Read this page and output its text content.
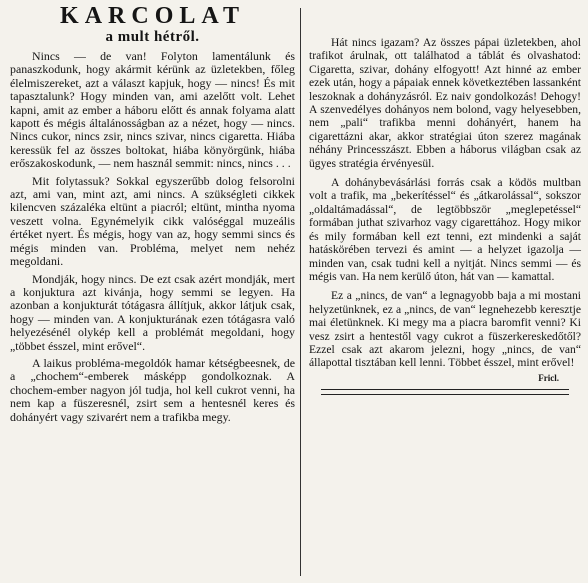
KARCOLAT
a mult hétről.

Nincs — de van! Folyton lamentálunk és panaszkodunk, hogy akármit kérünk az üzletekben, főleg élelmiszereket, azt a választ kapjuk, hogy — nincs! És mit tapasztalunk? Hogy minden van, ami azelőtt volt. Lehet kapni, amit az ember a háboru előtt és annak folyama alatt kapott és mégis általánosságban az a nézet, hogy — nincs. Nincs cukor, nincs zsir, nincs szivar, nincs cigaretta. Hiába keressük fel az összes boltokat, hiába könyörgünk, hiába erőszakoskodunk, — nem használ semmit: nincs, nincs . . .

Mit folytassuk? Sokkal egyszerűbb dolog felsorolni azt, ami van, mint azt, ami nincs. A szükségleti cikkek kilencven százaléka eltünt a piacról; eltünt, mintha nyoma veszett volna. Egynémelyik cikk valóséggal muzeális értéket nyert. És mégis, hogy van az, hogy semmi sincs és mégis minden van. Probléma, melyet nem nehéz megoldani.

Mondják, hogy nincs. De ezt csak azért mondják, mert a konjuktura azt kivánja, hogy semmi se legyen. Ha azonban a konjukturát tótágasra állítjuk, akkor látjuk csak, hogy — minden van. A konjukturának ezen tótágasra való helyezésénél olykép kell a problémát megoldani, hogy „többet ésszel, mint erővel“.

A laikus probléma-megoldók hamar kétségbeesnek, de a „chochem“-emberek másképp gondolkoznak. A chochem-ember nagyon jól tudja, hol kell cukrot venni, ha nem kap a füszeresnél, zsirt sem a hentesnél keres és dohányért vagy szivarért nem a trafikba megy.

Hát nincs igazam? Az összes pápai üzletekben, ahol trafikot árulnak, ott találhatod a táblát és olvashatod: Cigaretta, szivar, dohány elfogyott! Azt hinné az ember ezek után, hogy a pápaiak ennek következtében lassanként leszoknak a dohányzásról. Ez naiv gondolkozás! Dehogy! A szenvedélyes dohányos nem bolond, vagy helyesebben, nem „pali“ trafikba menni dohányért, hanem ha cigarettázni akar, akkor stratégiai úton szerez magának néhány Princesszászt. Ebben a háborus világban csak az ügyes stratégia érvényesül.

A dohánybevásárlási forrás csak a ködös multban volt a trafik, ma „bekerítéssel“ és „átkarolással“, sokszor „oldaltámadással“, de legtöbbször „meglepetéssel“ formában juthat szivarhoz vagy cigarettához. Hogy mikor és mily formában kell ezt tenni, ezt mindenki a saját hatáskörében tervezi és amint — a helyzet igazolja — minden van, csak tudni kell a nyitját. Nincs semmi — és mégis van. Ha nem kerülő úton, hát van — kamattal.

Ez a „nincs, de van“ a legnagyobb baja a mi mostani helyzetünknek, ez a „nincs, de van“ legnehezebb keresztje mai életünknek. Ki megy ma a piacra baromfit venni? Ki vesz zsirt a hentestől vagy cukrot a füszerkereskedőtől? Ezzel csak azt akarom jelezni, hogy „nincs, de van“ állapottal tisztában kell lenni. Többet ésszel, mint erővel!

Fricl.
